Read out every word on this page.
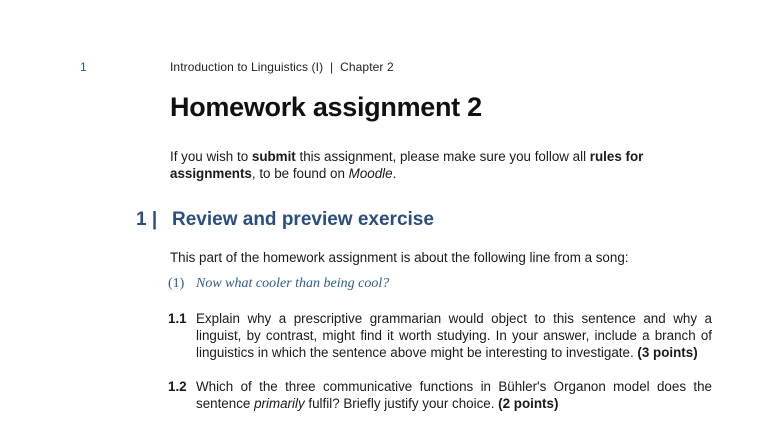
1	Introduction to Linguistics (I)  |  Chapter 2
Homework assignment 2

If you wish to submit this assignment, please make sure you follow all rules for assignments, to be found on Moodle.

1 | Review and preview exercise

This part of the homework assignment is about the following line from a song:

(1) Now what cooler than being cool?
1.1 Explain why a prescriptive grammarian would object to this sentence and why a linguist, by contrast, might find it worth studying. In your answer, include a branch of linguistics in which the sentence above might be interesting to investigate. (3 points)
1.2 Which of the three communicative functions in Bühler's Organon model does the sentence primarily fulfil? Briefly justify your choice. (2 points)
